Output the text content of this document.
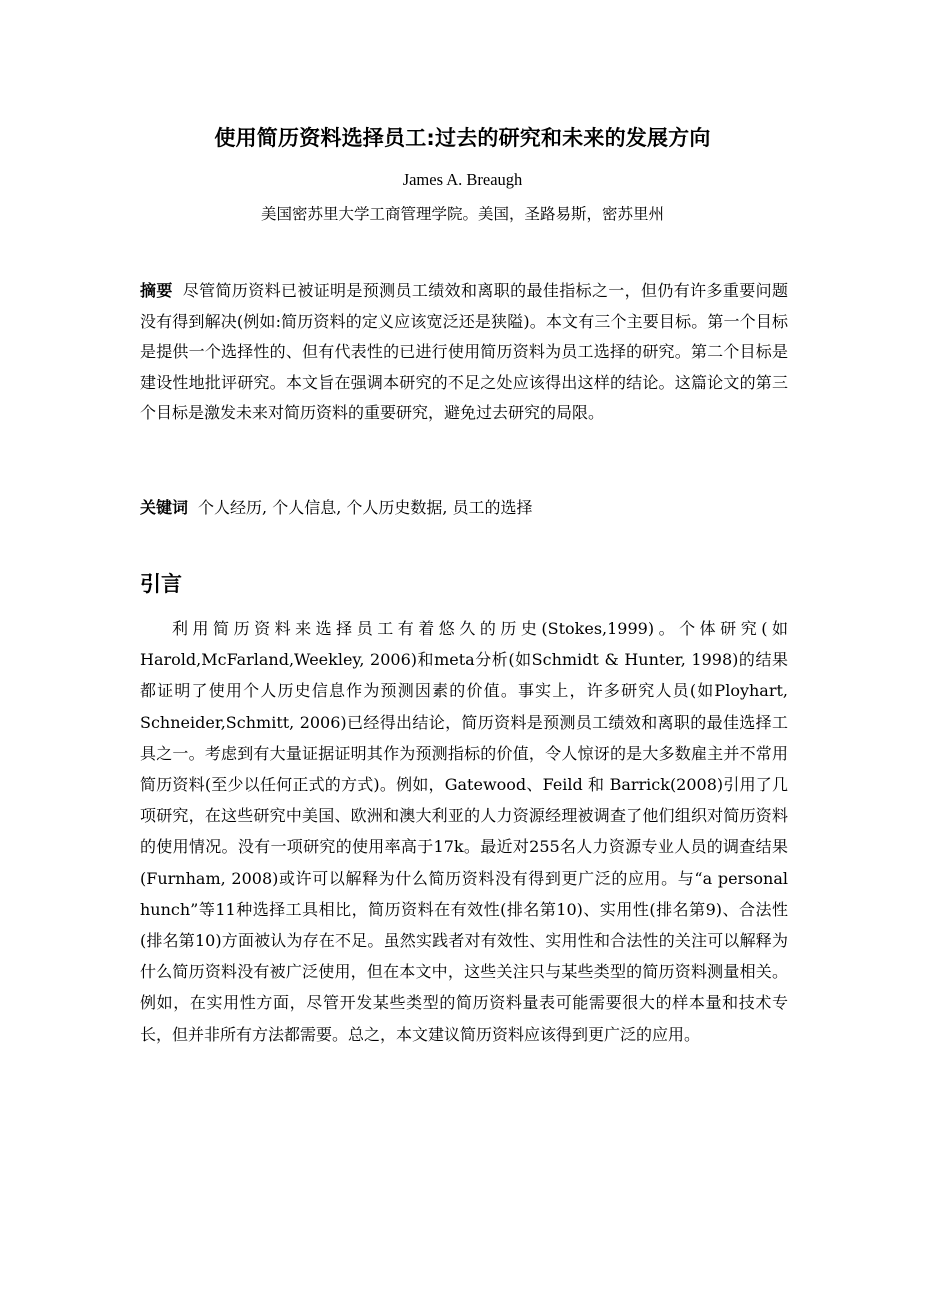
使用简历资料选择员工:过去的研究和未来的发展方向
James A. Breaugh
美国密苏里大学工商管理学院。美国，圣路易斯，密苏里州
摘要 尽管简历资料已被证明是预测员工绩效和离职的最佳指标之一，但仍有许多重要问题没有得到解决(例如:简历资料的定义应该宽泛还是狭隘)。本文有三个主要目标。第一个目标是提供一个选择性的、但有代表性的已进行使用简历资料为员工选择的研究。第二个目标是建设性地批评研究。本文旨在强调本研究的不足之处应该得出这样的结论。这篇论文的第三个目标是激发未来对简历资料的重要研究，避免过去研究的局限。
关键词 个人经历, 个人信息, 个人历史数据, 员工的选择
引言
利用简历资料来选择员工有着悠久的历史(Stokes,1999)。个体研究(如Harold,McFarland,Weekley, 2006)和meta分析(如Schmidt & Hunter, 1998)的结果都证明了使用个人历史信息作为预测因素的价值。事实上，许多研究人员(如Ployhart, Schneider,Schmitt, 2006)已经得出结论，简历资料是预测员工绩效和离职的最佳选择工具之一。考虑到有大量证据证明其作为预测指标的价值，令人惊讶的是大多数雇主并不常用简历资料(至少以任何正式的方式)。例如，Gatewood、Feild 和 Barrick(2008)引用了几项研究，在这些研究中美国、欧洲和澳大利亚的人力资源经理被调查了他们组织对简历资料的使用情况。没有一项研究的使用率高于17k。最近对255名人力资源专业人员的调查结果(Furnham, 2008)或许可以解释为什么简历资料没有得到更广泛的应用。与“a personal hunch”等11种选择工具相比，简历资料在有效性(排名第10)、实用性(排名第9)、合法性(排名第10)方面被认为存在不足。虽然实践者对有效性、实用性和合法性的关注可以解释为什么简历资料没有被广泛使用，但在本文中，这些关注只与某些类型的简历资料测量相关。例如，在实用性方面，尽管开发某些类型的简历资料量表可能需要很大的样本量和技术专长，但并非所有方法都需要。总之，本文建议简历资料应该得到更广泛的应用。
